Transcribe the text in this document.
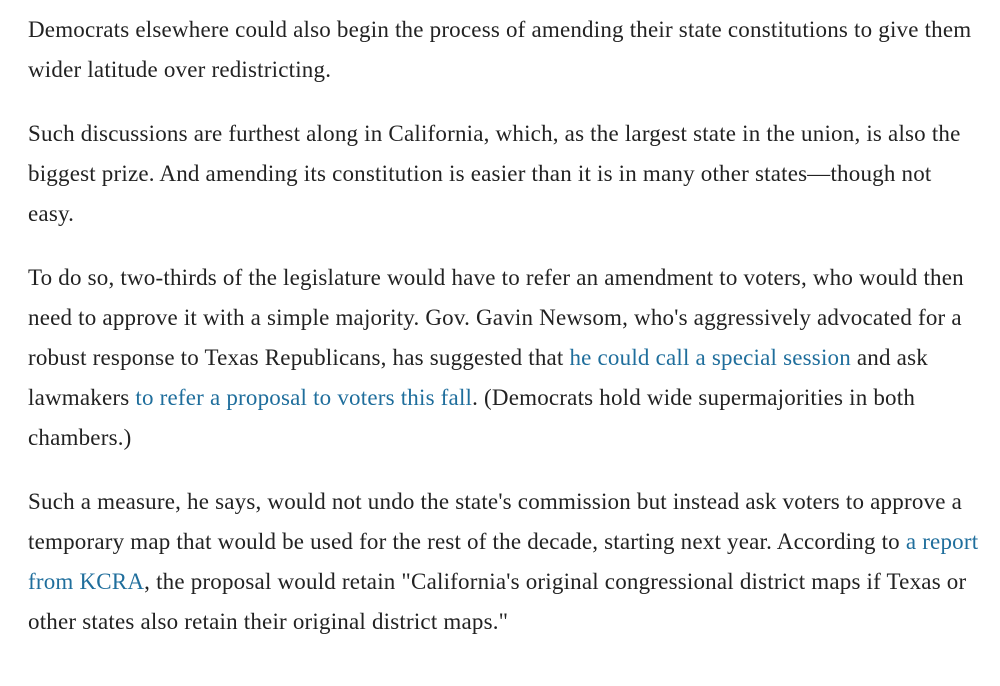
Democrats elsewhere could also begin the process of amending their state constitutions to give them wider latitude over redistricting.

Such discussions are furthest along in California, which, as the largest state in the union, is also the biggest prize. And amending its constitution is easier than it is in many other states—though not easy.

To do so, two-thirds of the legislature would have to refer an amendment to voters, who would then need to approve it with a simple majority. Gov. Gavin Newsom, who's aggressively advocated for a robust response to Texas Republicans, has suggested that he could call a special session and ask lawmakers to refer a proposal to voters this fall. (Democrats hold wide supermajorities in both chambers.)

Such a measure, he says, would not undo the state's commission but instead ask voters to approve a temporary map that would be used for the rest of the decade, starting next year. According to a report from KCRA, the proposal would retain "California's original congressional district maps if Texas or other states also retain their original district maps."
